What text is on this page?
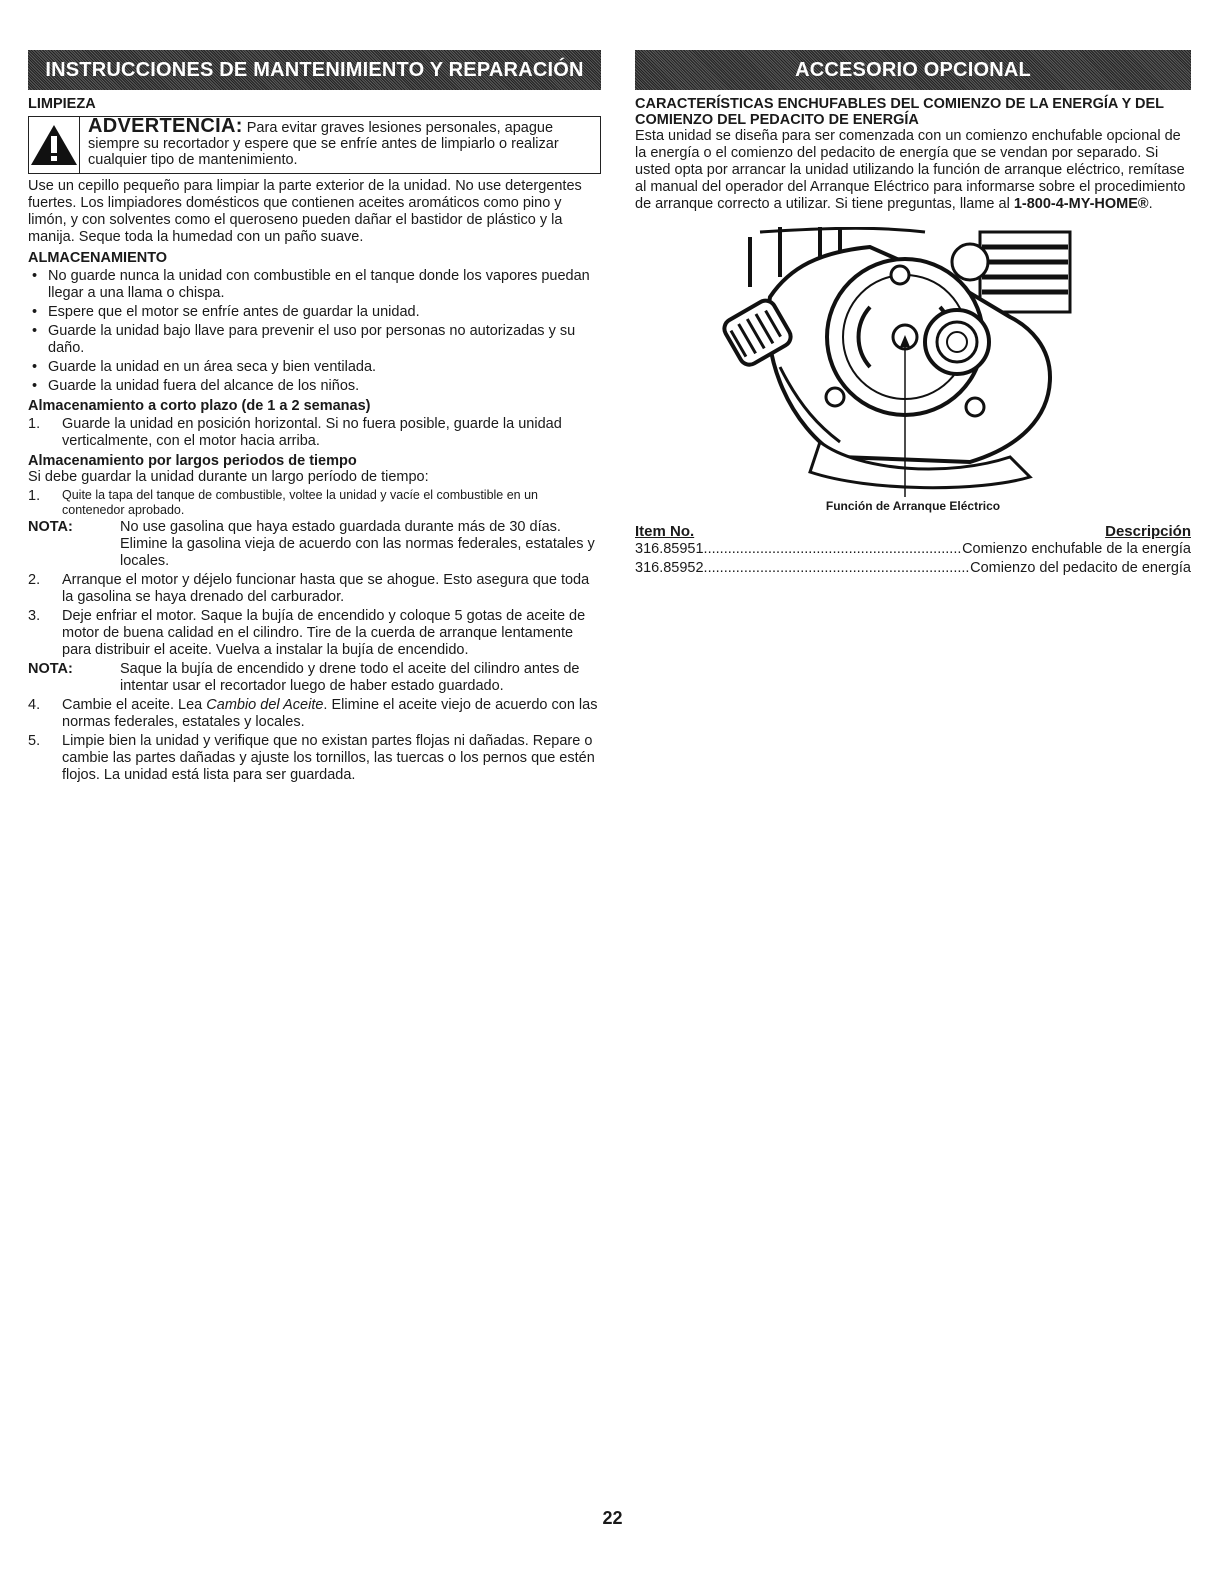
INSTRUCCIONES DE MANTENIMIENTO Y REPARACIÓN
LIMPIEZA
ADVERTENCIA: Para evitar graves lesiones personales, apague siempre su recortador y espere que se enfríe antes de limpiarlo o realizar cualquier tipo de mantenimiento.

Use un cepillo pequeño para limpiar la parte exterior de la unidad. No use detergentes fuertes. Los limpiadores domésticos que contienen aceites aromáticos como pino y limón, y con solventes como el queroseno pueden dañar el bastidor de plástico y la manija. Seque toda la humedad con un paño suave.

ALMACENAMIENTO
• No guarde nunca la unidad con combustible en el tanque donde los vapores puedan llegar a una llama o chispa.
• Espere que el motor se enfríe antes de guardar la unidad.
• Guarde la unidad bajo llave para prevenir el uso por personas no autorizadas y su daño.
• Guarde la unidad en un área seca y bien ventilada.
• Guarde la unidad fuera del alcance de los niños.
Almacenamiento a corto plazo (de 1 a 2 semanas)
1.	Guarde la unidad en posición horizontal. Si no fuera posible, guarde la unidad verticalmente, con el motor hacia arriba.
Almacenamiento por largos periodos de tiempo

Si debe guardar la unidad durante un largo período de tiempo:

1.	Quite la tapa del tanque de combustible, voltee la unidad y vacíe el combustible en un contenedor aprobado.
NOTA:	No use gasolina que haya estado guardada durante más de 30 días. Elimine la gasolina vieja de acuerdo con las normas federales, estatales y locales.
2.	Arranque el motor y déjelo funcionar hasta que se ahogue. Esto asegura que toda la gasolina se haya drenado del carburador.
3.	Deje enfriar el motor. Saque la bujía de encendido y coloque 5 gotas de aceite de motor de buena calidad en el cilindro. Tire de la cuerda de arranque lentamente para distribuir el aceite. Vuelva a instalar la bujía de encendido.
NOTA:	Saque la bujía de encendido y drene todo el aceite del cilindro antes de intentar usar el recortador luego de haber estado guardado.
4.	Cambie el aceite. Lea Cambio del Aceite. Elimine el aceite viejo de acuerdo con las normas federales, estatales y locales.
5.	Limpie bien la unidad y verifique que no existan partes flojas ni dañadas. Repare o cambie las partes dañadas y ajuste los tornillos, las tuercas o los pernos que estén flojos. La unidad está lista para ser guardada.
ACCESORIO OPCIONAL
CARACTERÍSTICAS ENCHUFABLES DEL COMIENZO DE LA ENERGÍA Y DEL COMIENZO DEL PEDACITO DE ENERGÍA

Esta unidad se diseña para ser comenzada con un comienzo enchufable opcional de la energía o el comienzo del pedacito de energía que se vendan por separado. Si usted opta por arrancar la unidad utilizando la función de arranque eléctrico, remítase al manual del operador del Arranque Eléctrico para informarse sobre el procedimiento de arranque correcto a utilizar. Si tiene preguntas, llame al 1-800-4-MY-HOME®.

Función de Arranque Eléctrico
Item No.	Descripción
316.85951 .....	Comienzo enchufable de la energía
316.85952 .....	Comienzo del pedacito de energía
22
